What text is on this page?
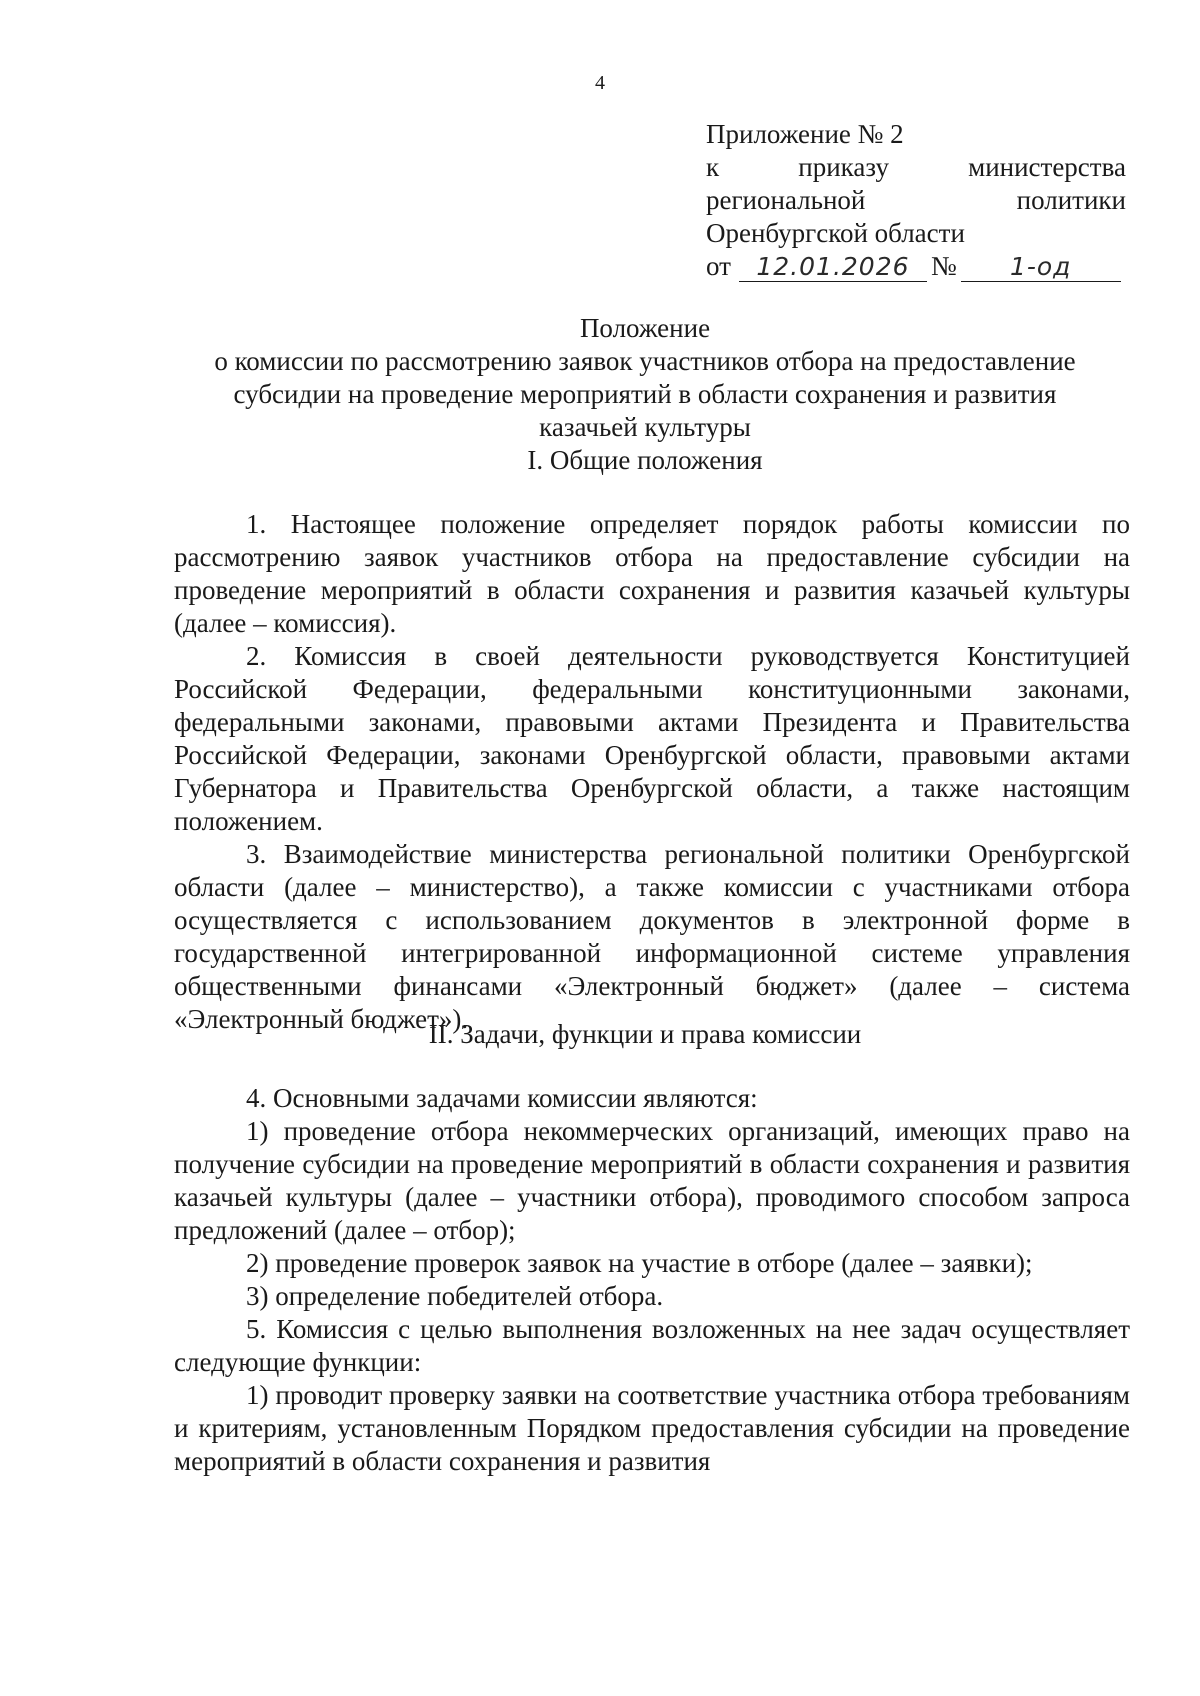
4
Приложение № 2
к	приказу	министерства
региональной	политики
Оренбургской области
от	12.01.2026 №	1-од
Положение
о комиссии по рассмотрению заявок участников отбора на предоставление
субсидии на проведение мероприятий в области сохранения и развития
казачьей культуры
I. Общие положения

1. Настоящее положение определяет порядок работы комиссии по рассмотрению заявок участников отбора на предоставление субсидии на проведение мероприятий в области сохранения и развития казачьей культуры (далее – комиссия).

2. Комиссия в своей деятельности руководствуется Конституцией Российской Федерации, федеральными конституционными законами, федеральными законами, правовыми актами Президента и Правительства Российской Федерации, законами Оренбургской области, правовыми актами Губернатора и Правительства Оренбургской области, а также настоящим положением.

3. Взаимодействие министерства региональной политики Оренбургской области (далее – министерство), а также комиссии с участниками отбора осуществляется с использованием документов в электронной форме в государственной интегрированной информационной системе управления общественными финансами «Электронный бюджет» (далее – система «Электронный бюджет»).

II. Задачи, функции и права комиссии

4. Основными задачами комиссии являются:

1) проведение отбора некоммерческих организаций, имеющих право на получение субсидии на проведение мероприятий в области сохранения и развития казачьей культуры (далее – участники отбора), проводимого способом запроса предложений (далее – отбор);

2) проведение проверок заявок на участие в отборе (далее – заявки);

3) определение победителей отбора.

5. Комиссия с целью выполнения возложенных на нее задач осуществляет следующие функции:

1) проводит проверку заявки на соответствие участника отбора требованиям и критериям, установленным Порядком предоставления субсидии на проведение мероприятий в области сохранения и развития
